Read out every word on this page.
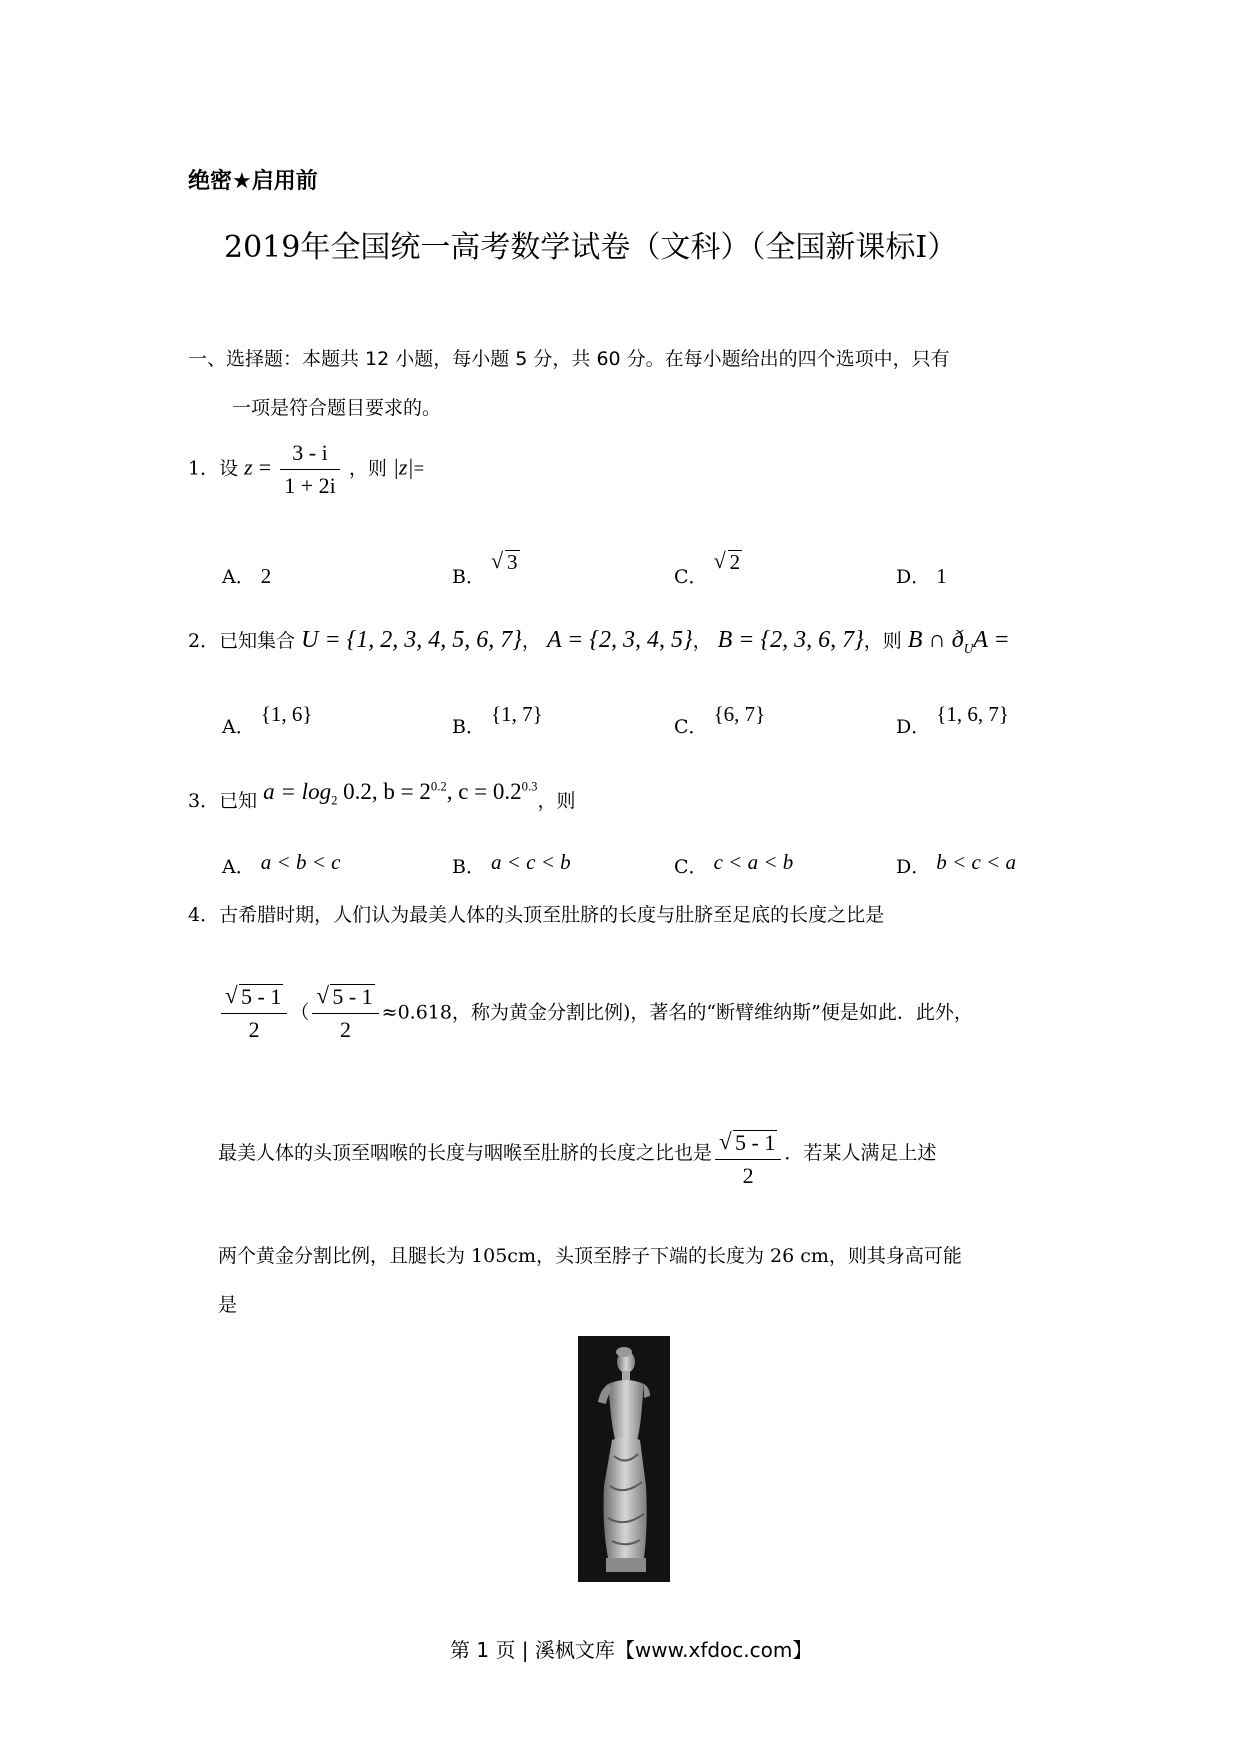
绝密★启用前
2019年全国统一高考数学试卷（文科）（全国新课标Ⅰ）
一、选择题：本题共 12 小题，每小题 5 分，共 60 分。在每小题给出的四个选项中，只有
一项是符合题目要求的。
1．设 $z = \frac{3 - i}{1 + 2i}$ ，则 |z|=
A． 2	B． √ 3
C． √ 2
D． 1
2．已知集合 U = {1, 2, 3, 4, 5, 6, 7}， A = {2, 3, 4, 5}， B = {2, 3, 6, 7}，则 B ∩ $ð_UA$ =
A． {1, 6}
B． {1, 7}
C． {6, 7}
D． {1, 6, 7}
3．已知 $a = \log_2 0.2$, $b = 2^{0.2}$, $c = 0.2^{0.3}$，则
A． a < b < c	B． a < c < b	C． c < a < b	D． b < c < a
4．古希腊时期，人们认为最美人体的头顶至肚脐的长度与肚脐至足底的长度之比是
√ $\frac{5 - 1}{2}$ （ √ $\frac{5 - 1}{2} \approx 0.618$，称为黄金分割比例)，著名的“断臂维纳斯”便是如此．此外，
最美人体的头顶至咽喉的长度与咽喉至肚脐的长度之比也是 √ $\frac{5 - 1}{2}$ ．若某人满足上述
两个黄金分割比例，且腿长为 105cm，头顶至脖子下端的长度为 26 cm，则其身高可能
是
第 1 页 | 溪枫文库【www.xfdoc.com】
